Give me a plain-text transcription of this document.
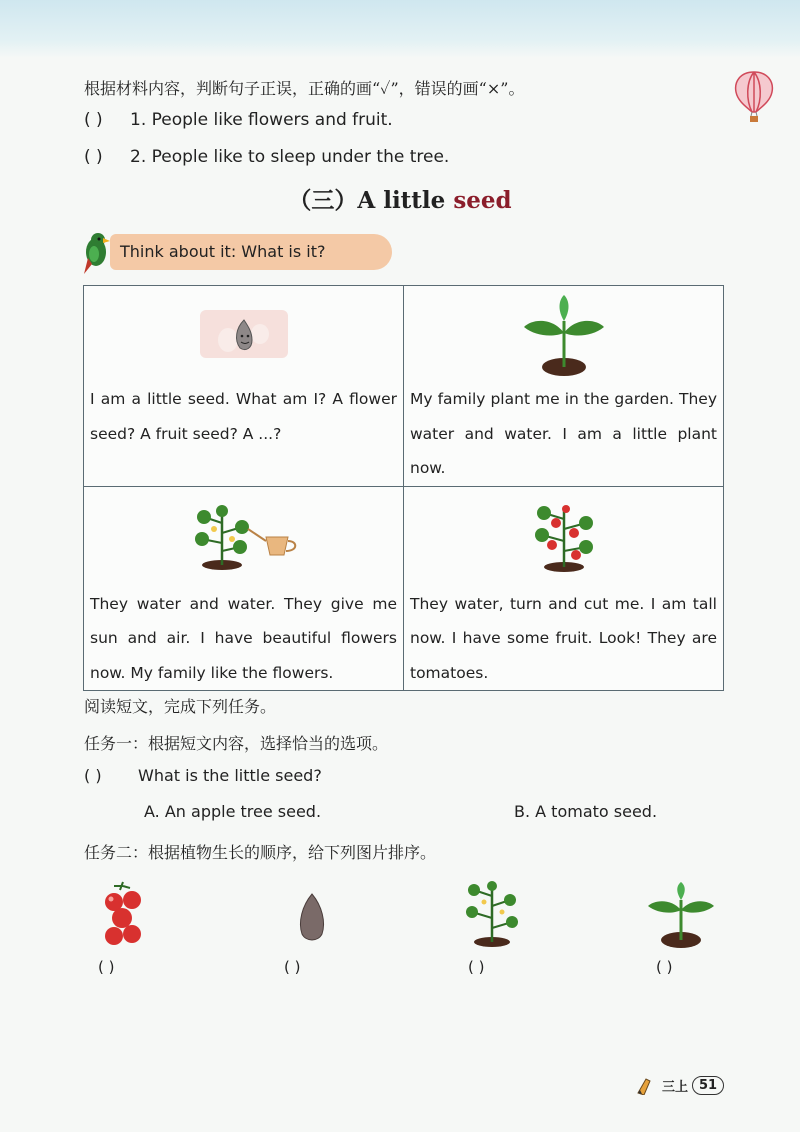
根据材料内容，判断句子正误，正确的画“✓”，错误的画“×”。
( ) 1. People like flowers and fruit.
( ) 2. People like to sleep under the tree.
（三）A little seed
Think about it: What is it?
I am a little seed. What am I? A flower seed? A fruit seed? A ...?	My family plant me in the garden. They water and water. I am a little plant now.

They water and water. They give me sun and air. I have beautiful flowers now. My family like the flowers.	They water, turn and cut me. I am tall now. I have some fruit. Look! They are tomatoes.
阅读短文，完成下列任务。
任务一：根据短文内容，选择恰当的选项。
( ) What is the little seed?
A. An apple tree seed.	B. A tomato seed.
任务二：根据植物生长的顺序，给下列图片排序。
( )	( )	( )	( )
三上 51
